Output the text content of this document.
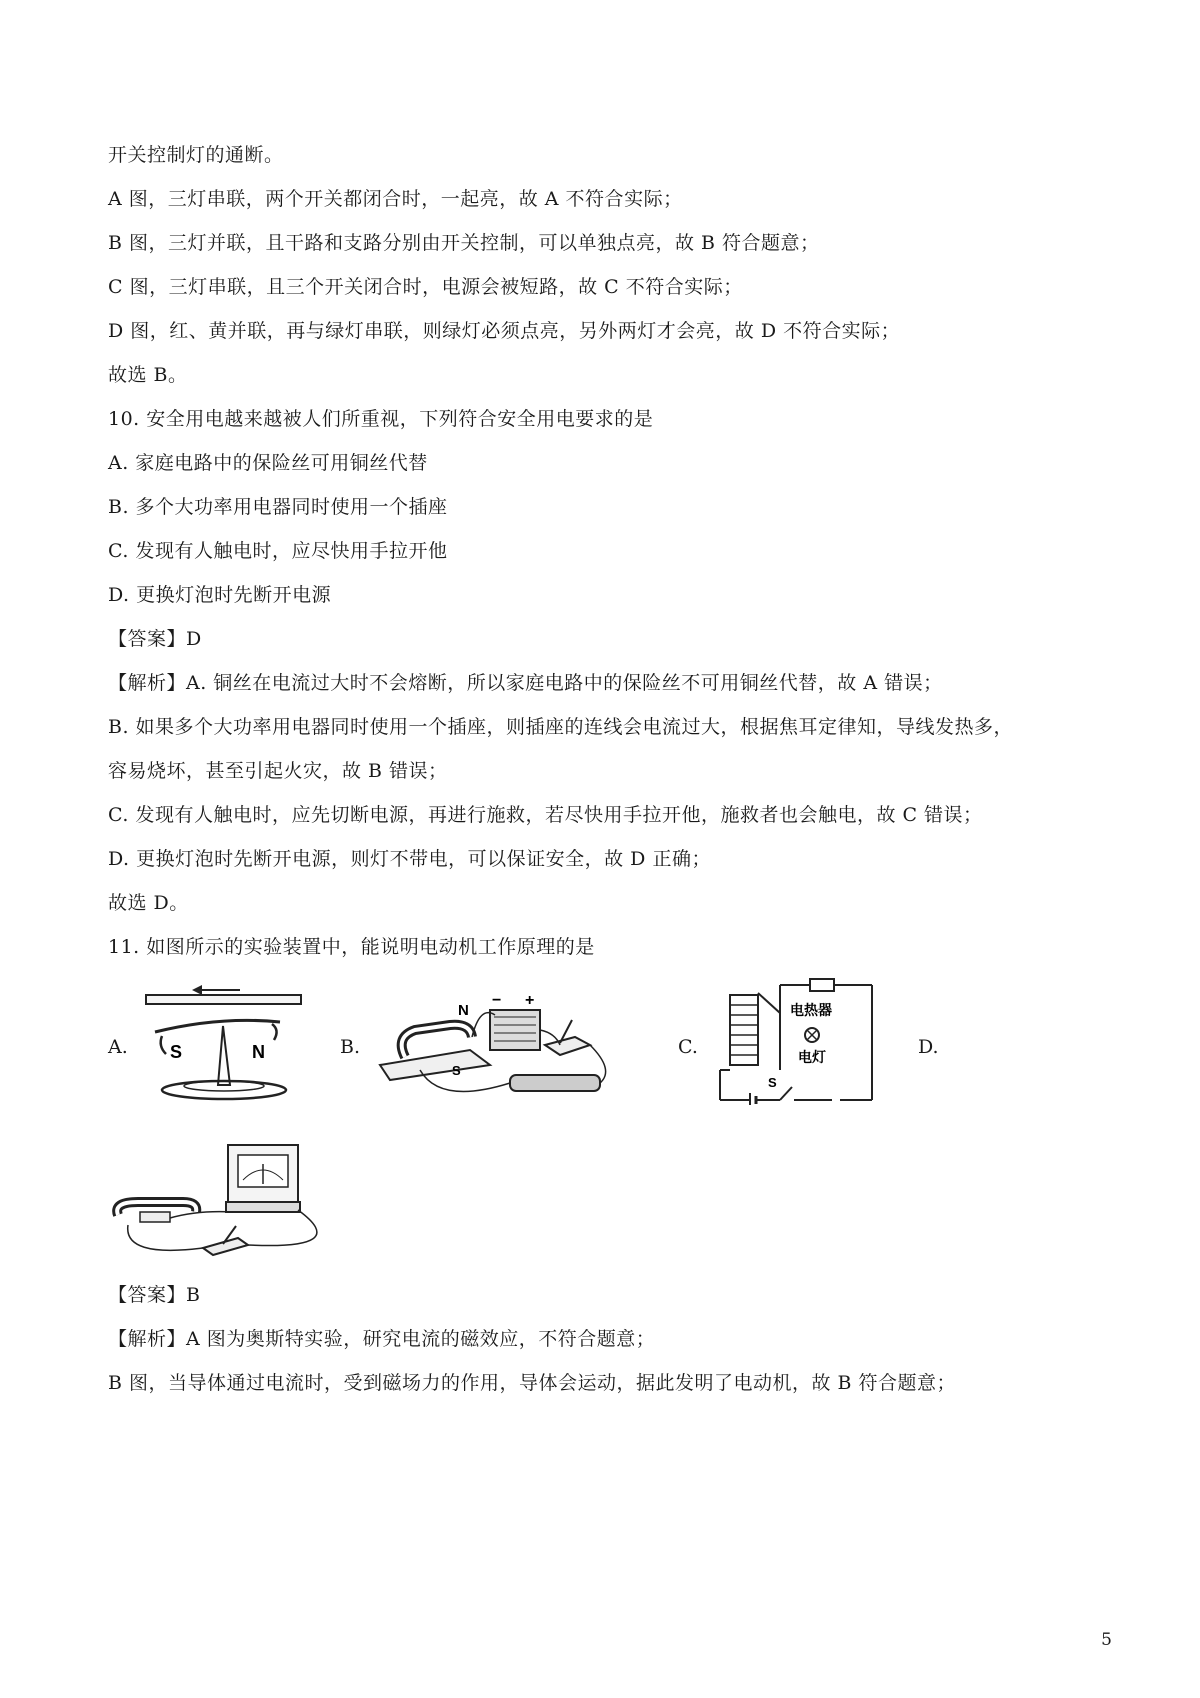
开关控制灯的通断。
A 图，三灯串联，两个开关都闭合时，一起亮，故 A 不符合实际；
B 图，三灯并联，且干路和支路分别由开关控制，可以单独点亮，故 B 符合题意；
C 图，三灯串联，且三个开关闭合时，电源会被短路，故 C 不符合实际；
D 图，红、黄并联，再与绿灯串联，则绿灯必须点亮，另外两灯才会亮，故 D 不符合实际；
故选 B。
10. 安全用电越来越被人们所重视，下列符合安全用电要求的是
A. 家庭电路中的保险丝可用铜丝代替
B. 多个大功率用电器同时使用一个插座
C. 发现有人触电时，应尽快用手拉开他
D. 更换灯泡时先断开电源
【答案】D
【解析】A. 铜丝在电流过大时不会熔断，所以家庭电路中的保险丝不可用铜丝代替，故 A 错误；
B. 如果多个大功率用电器同时使用一个插座，则插座的连线会电流过大，根据焦耳定律知，导线发热多，
容易烧坏，甚至引起火灾，故 B 错误；
C. 发现有人触电时，应先切断电源，再进行施救，若尽快用手拉开他，施救者也会触电，故 C 错误；
D. 更换灯泡时先断开电源，则灯不带电，可以保证安全，故 D 正确；
故选 D。
11. 如图所示的实验装置中，能说明电动机工作原理的是
A.	B.	C.	D.
S	N
N
S
− +
电热器
电灯
S
【答案】B
【解析】A 图为奥斯特实验，研究电流的磁效应，不符合题意；
B 图，当导体通过电流时，受到磁场力的作用，导体会运动，据此发明了电动机，故 B 符合题意；
5
